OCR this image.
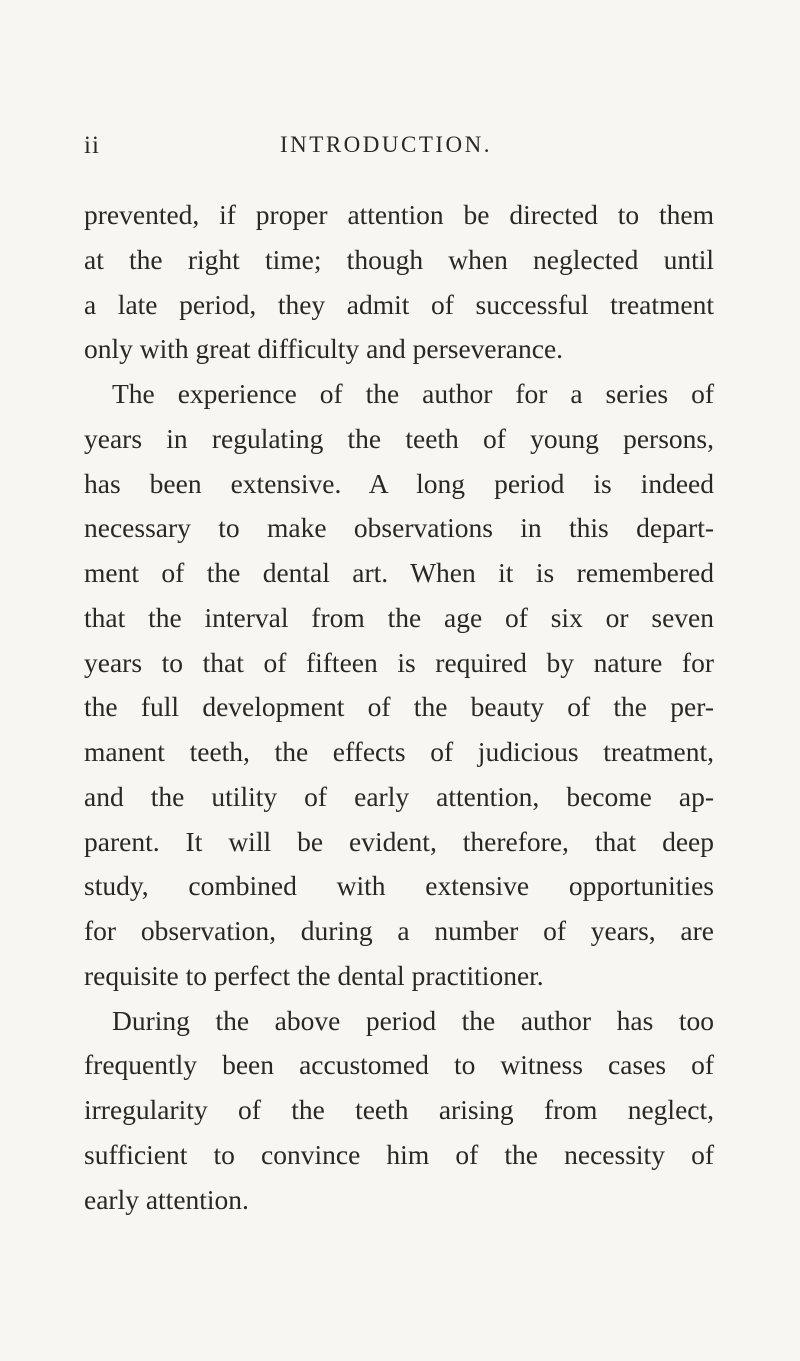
ii	INTRODUCTION.
prevented, if proper attention be directed to them
at the right time; though when neglected until
a late period, they admit of successful treatment
only with great difficulty and perseverance.
The experience of the author for a series of
years in regulating the teeth of young persons,
has been extensive. A long period is indeed
necessary to make observations in this depart-
ment of the dental art. When it is remembered
that the interval from the age of six or seven
years to that of fifteen is required by nature for
the full development of the beauty of the per-
manent teeth, the effects of judicious treatment,
and the utility of early attention, become ap-
parent. It will be evident, therefore, that deep
study, combined with extensive opportunities
for observation, during a number of years, are
requisite to perfect the dental practitioner.
During the above period the author has too
frequently been accustomed to witness cases of
irregularity of the teeth arising from neglect,
sufficient to convince him of the necessity of
early attention.
